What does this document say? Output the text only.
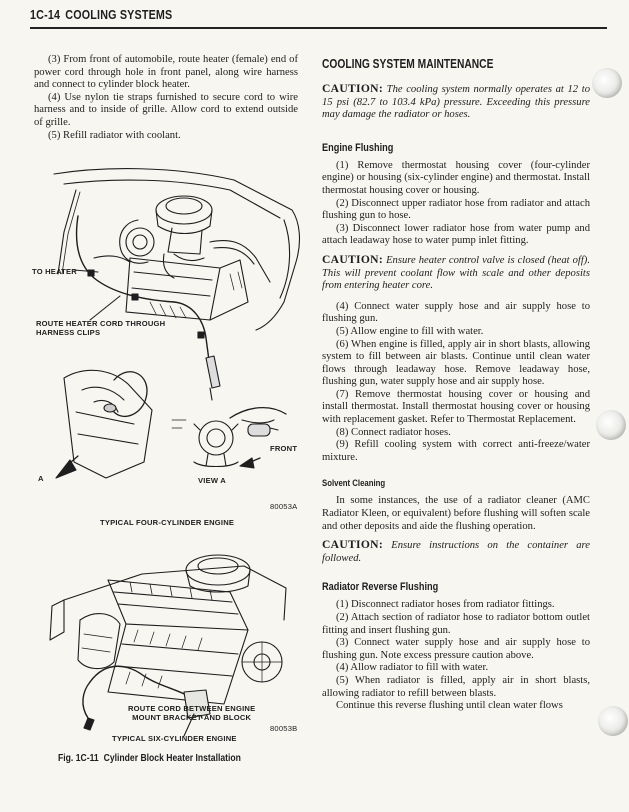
1C-14 COOLING SYSTEMS

(3) From front of automobile, route heater (female) end of power cord through hole in front panel, along wire harness and connect to cylinder block heater.

(4) Use nylon tie straps furnished to secure cord to wire harness and to inside of grille. Allow cord to extend outside of grille.

(5) Refill radiator with coolant.

TO HEATER
ROUTE HEATER CORD THROUGH
HARNESS CLIPS
FRONT
A	VIEW A
80053A
TYPICAL FOUR-CYLINDER ENGINE
ROUTE CORD BETWEEN ENGINE
MOUNT BRACKET AND BLOCK
80053B
TYPICAL SIX-CYLINDER ENGINE
Fig. 1C-11 Cylinder Block Heater Installation
COOLING SYSTEM MAINTENANCE

CAUTION: The cooling system normally operates at 12 to 15 psi (82.7 to 103.4 kPa) pressure. Exceeding this pressure may damage the radiator or hoses.

Engine Flushing

(1) Remove thermostat housing cover (four-cylinder engine) or housing (six-cylinder engine) and thermostat. Install thermostat housing cover or housing.

(2) Disconnect upper radiator hose from radiator and attach flushing gun to hose.

(3) Disconnect lower radiator hose from water pump and attach leadaway hose to water pump inlet fitting.

CAUTION: Ensure heater control valve is closed (heat off). This will prevent coolant flow with scale and other deposits from entering heater core.

(4) Connect water supply hose and air supply hose to flushing gun.

(5) Allow engine to fill with water.

(6) When engine is filled, apply air in short blasts, allowing system to fill between air blasts. Continue until clean water flows through leadaway hose. Remove leadaway hose, flushing gun, water supply hose and air supply hose.

(7) Remove thermostat housing cover or housing and install thermostat. Install thermostat housing cover or housing with replacement gasket. Refer to Thermostat Replacement.

(8) Connect radiator hoses.

(9) Refill cooling system with correct anti-freeze/water mixture.

Solvent Cleaning

In some instances, the use of a radiator cleaner (AMC Radiator Kleen, or equivalent) before flushing will soften scale and other deposits and aide the flushing operation.

CAUTION: Ensure instructions on the container are followed.

Radiator Reverse Flushing

(1) Disconnect radiator hoses from radiator fittings.

(2) Attach section of radiator hose to radiator bottom outlet fitting and insert flushing gun.

(3) Connect water supply hose and air supply hose to flushing gun. Note excess pressure caution above.

(4) Allow radiator to fill with water.

(5) When radiator is filled, apply air in short blasts, allowing radiator to refill between blasts.

Continue this reverse flushing until clean water flows
